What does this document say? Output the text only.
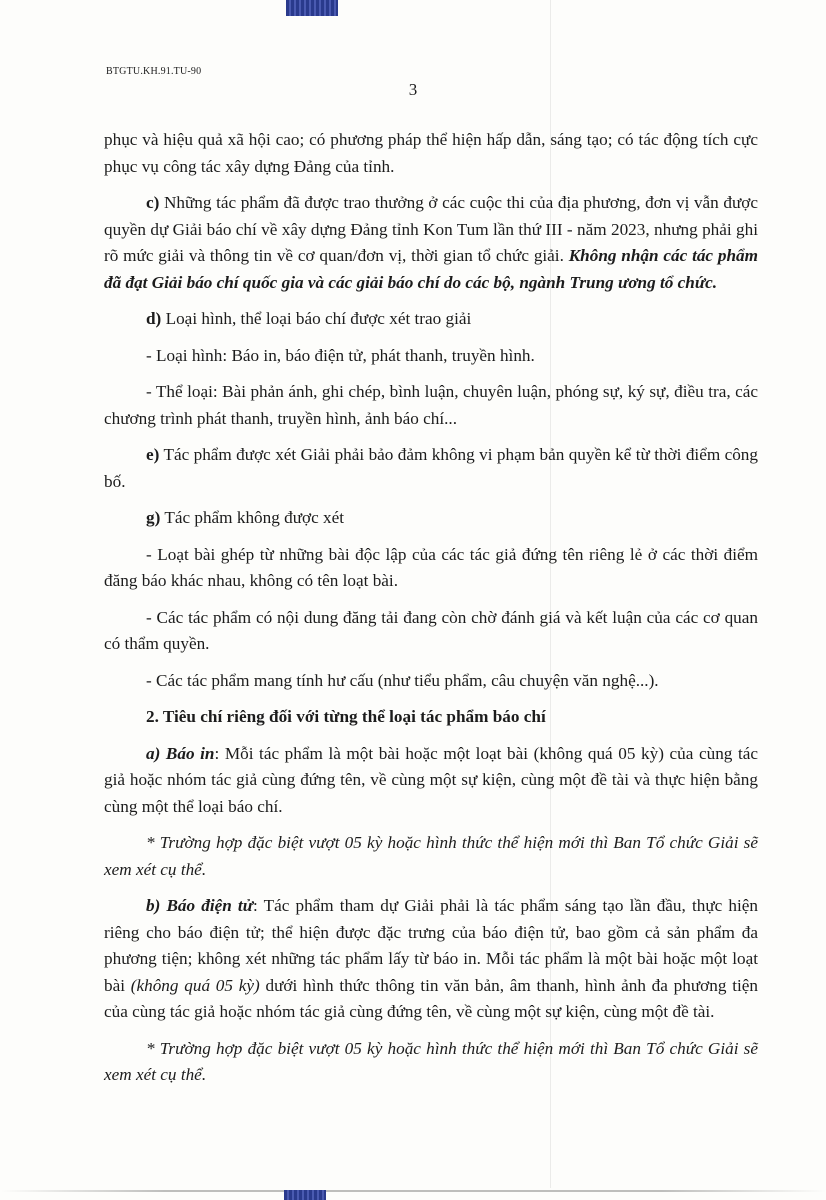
BTGTU.KH.91.TU-90
3

phục và hiệu quả xã hội cao; có phương pháp thể hiện hấp dẫn, sáng tạo; có tác động tích cực phục vụ công tác xây dựng Đảng của tỉnh.

c) Những tác phẩm đã được trao thưởng ở các cuộc thi của địa phương, đơn vị vẫn được quyền dự Giải báo chí về xây dựng Đảng tỉnh Kon Tum lần thứ III - năm 2023, nhưng phải ghi rõ mức giải và thông tin về cơ quan/đơn vị, thời gian tổ chức giải. Không nhận các tác phẩm đã đạt Giải báo chí quốc gia và các giải báo chí do các bộ, ngành Trung ương tổ chức.

d) Loại hình, thể loại báo chí được xét trao giải

- Loại hình: Báo in, báo điện tử, phát thanh, truyền hình.

- Thể loại: Bài phản ánh, ghi chép, bình luận, chuyên luận, phóng sự, ký sự, điều tra, các chương trình phát thanh, truyền hình, ảnh báo chí...

e) Tác phẩm được xét Giải phải bảo đảm không vi phạm bản quyền kể từ thời điểm công bố.

g) Tác phẩm không được xét

- Loạt bài ghép từ những bài độc lập của các tác giả đứng tên riêng lẻ ở các thời điểm đăng báo khác nhau, không có tên loạt bài.

- Các tác phẩm có nội dung đăng tải đang còn chờ đánh giá và kết luận của các cơ quan có thẩm quyền.

- Các tác phẩm mang tính hư cấu (như tiểu phẩm, câu chuyện văn nghệ...).

2. Tiêu chí riêng đối với từng thể loại tác phẩm báo chí

a) Báo in: Mỗi tác phẩm là một bài hoặc một loạt bài (không quá 05 kỳ) của cùng tác giả hoặc nhóm tác giả cùng đứng tên, về cùng một sự kiện, cùng một đề tài và thực hiện bằng cùng một thể loại báo chí.

* Trường hợp đặc biệt vượt 05 kỳ hoặc hình thức thể hiện mới thì Ban Tổ chức Giải sẽ xem xét cụ thể.

b) Báo điện tử: Tác phẩm tham dự Giải phải là tác phẩm sáng tạo lần đầu, thực hiện riêng cho báo điện tử; thể hiện được đặc trưng của báo điện tử, bao gồm cả sản phẩm đa phương tiện; không xét những tác phẩm lấy từ báo in. Mỗi tác phẩm là một bài hoặc một loạt bài (không quá 05 kỳ) dưới hình thức thông tin văn bản, âm thanh, hình ảnh đa phương tiện của cùng tác giả hoặc nhóm tác giả cùng đứng tên, về cùng một sự kiện, cùng một đề tài.

* Trường hợp đặc biệt vượt 05 kỳ hoặc hình thức thể hiện mới thì Ban Tổ chức Giải sẽ xem xét cụ thể.
